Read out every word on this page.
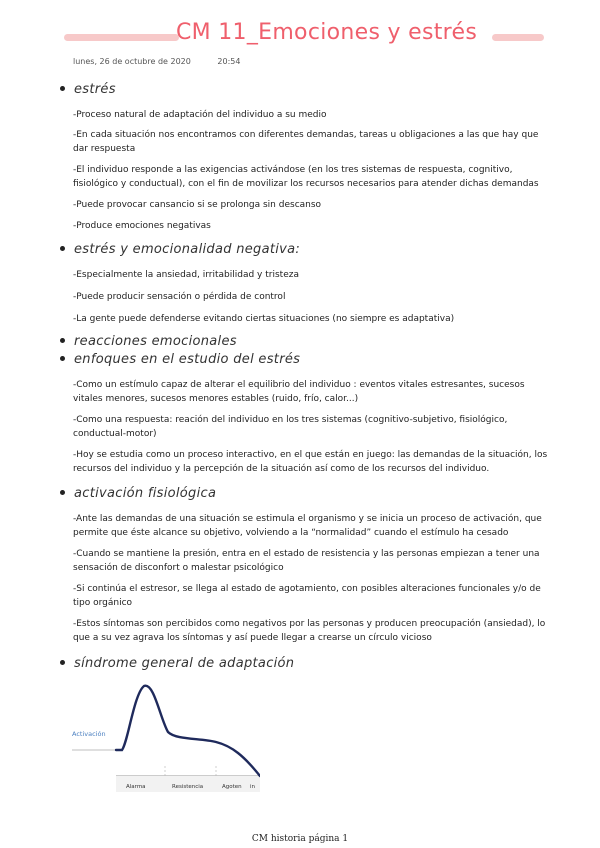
CM 11_Emociones y estrés
lunes, 26 de octubre de 2020	20:54
estrés
-Proceso natural de adaptación del individuo a su medio
-En cada situación nos encontramos con diferentes demandas, tareas u obligaciones a las que hay que dar respuesta
-El individuo responde a las exigencias activándose (en los tres sistemas de respuesta, cognitivo, fisiológico y conductual), con el fin de movilizar los recursos necesarios para atender dichas demandas
-Puede provocar cansancio si se prolonga sin descanso
-Produce emociones negativas
estrés y emocionalidad negativa:
-Especialmente la ansiedad, irritabilidad y tristeza
-Puede producir sensación o pérdida de control
-La gente puede defenderse evitando ciertas situaciones (no siempre es adaptativa)
reacciones emocionales
enfoques en el estudio del estrés
-Como un estímulo capaz de alterar el equilibrio del individuo : eventos vitales estresantes, sucesos vitales menores, sucesos menores estables (ruido, frío, calor...)
-Como una respuesta: reación del individuo en los tres sistemas (cognitivo-subjetivo, fisiológico, conductual-motor)
-Hoy se estudia como un proceso interactivo, en el que están en juego: las demandas de la situación, los recursos del individuo y la percepción de la situación así como de los recursos del individuo.
activación fisiológica
-Ante las demandas de una situación se estimula el organismo y se inicia un proceso de activación, que permite que éste alcance su objetivo, volviendo a la “normalidad” cuando el estímulo ha cesado
-Cuando se mantiene la presión, entra en el estado de resistencia y las personas empiezan a tener una sensación de disconfort o malestar psicológico
-Si continúa el estresor, se llega al estado de agotamiento, con posibles alteraciones funcionales y/o de tipo orgánico
-Estos síntomas son percibidos como negativos por las personas y producen preocupación (ansiedad), lo que a su vez agrava los síntomas y así puede llegar a crearse un círculo vicioso
síndrome general de adaptación
Activación
Alarma	Resistencia	Agoten in
CM historia página 1
